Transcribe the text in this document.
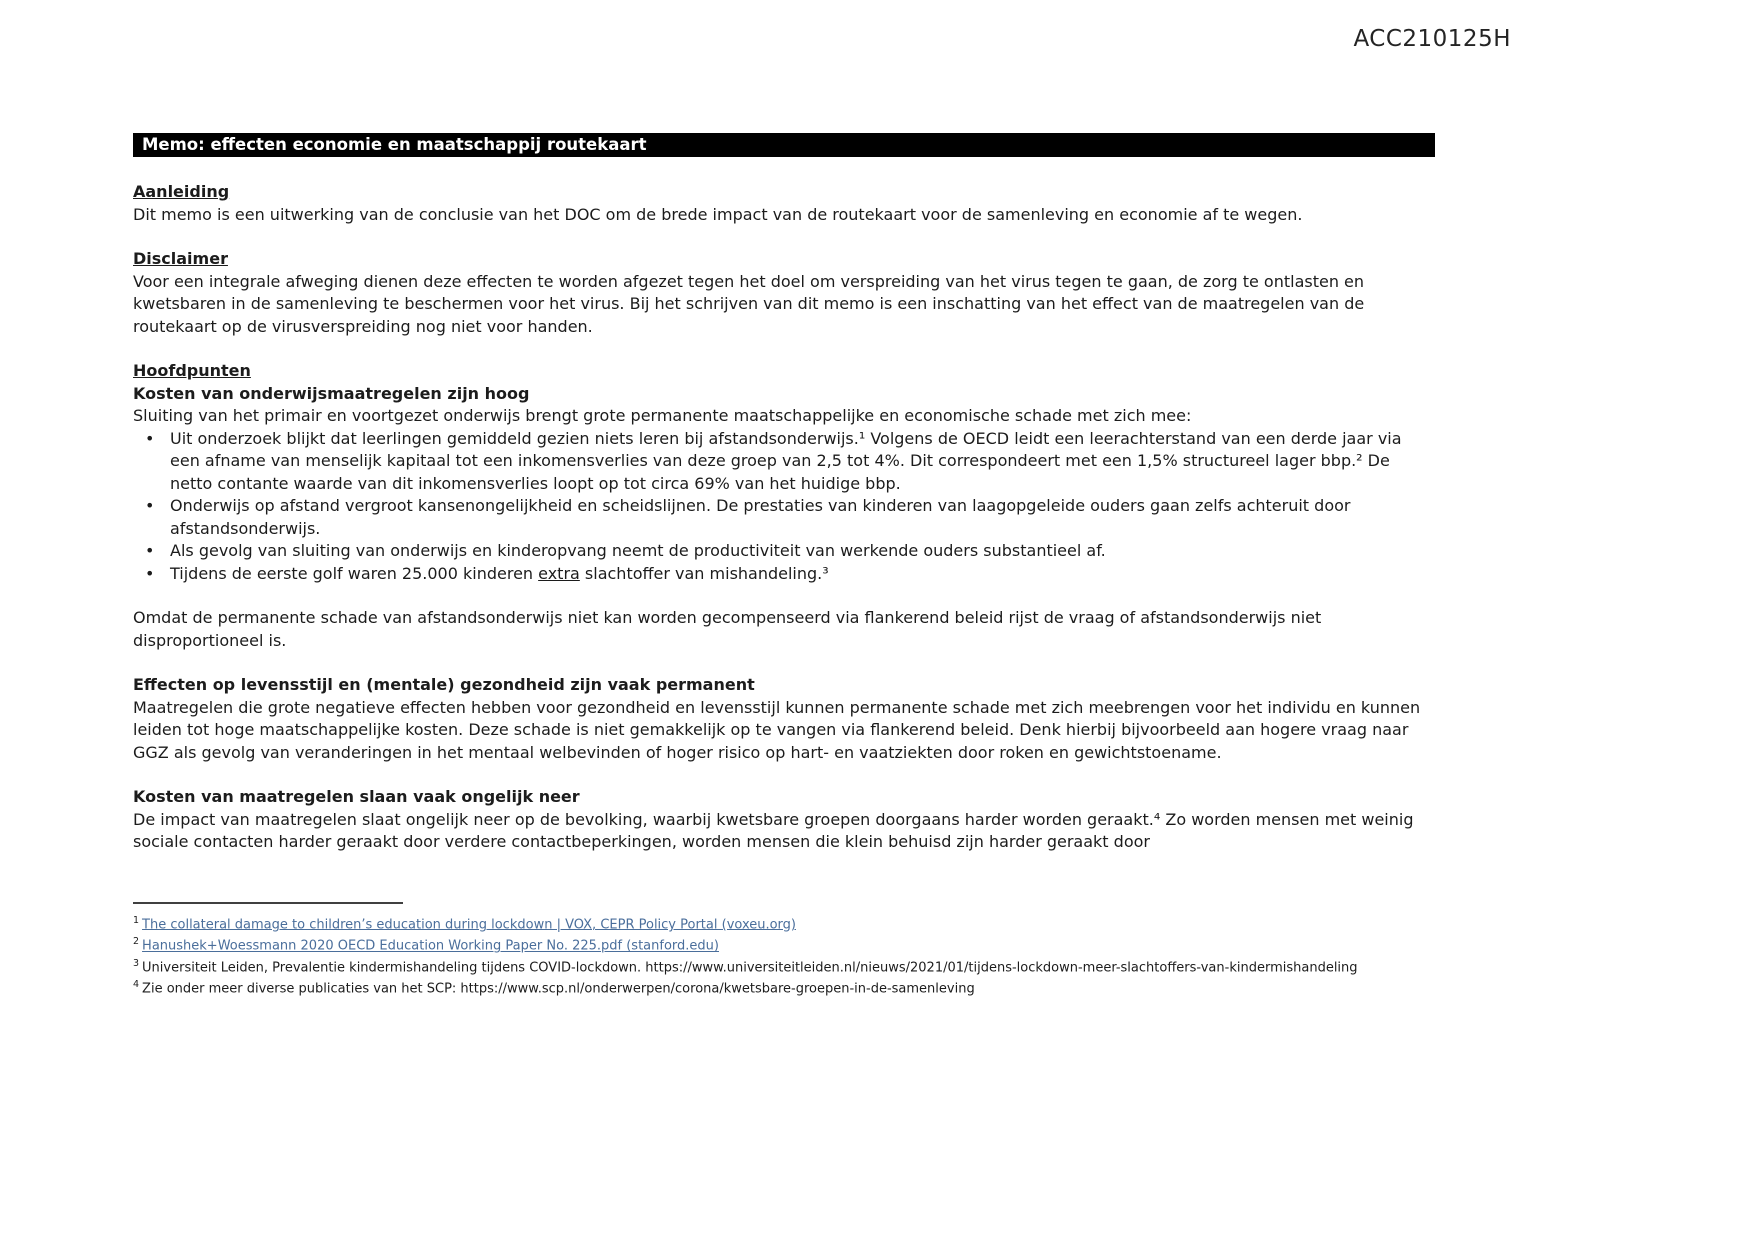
ACC210125H
Memo: effecten economie en maatschappij routekaart
Aanleiding

Dit memo is een uitwerking van de conclusie van het DOC om de brede impact van de routekaart voor de samenleving en economie af te wegen.

Disclaimer

Voor een integrale afweging dienen deze effecten te worden afgezet tegen het doel om verspreiding van het virus tegen te gaan, de zorg te ontlasten en kwetsbaren in de samenleving te beschermen voor het virus. Bij het schrijven van dit memo is een inschatting van het effect van de maatregelen van de routekaart op de virusverspreiding nog niet voor handen.

Hoofdpunten
Kosten van onderwijsmaatregelen zijn hoog

Sluiting van het primair en voortgezet onderwijs brengt grote permanente maatschappelijke en economische schade met zich mee:

• Uit onderzoek blijkt dat leerlingen gemiddeld gezien niets leren bij afstandsonderwijs.¹ Volgens de OECD leidt een leerachterstand van een derde jaar via een afname van menselijk kapitaal tot een inkomensverlies van deze groep van 2,5 tot 4%. Dit correspondeert met een 1,5% structureel lager bbp.² De netto contante waarde van dit inkomensverlies loopt op tot circa 69% van het huidige bbp.
• Onderwijs op afstand vergroot kansenongelijkheid en scheidslijnen. De prestaties van kinderen van laagopgeleide ouders gaan zelfs achteruit door afstandsonderwijs.
• Als gevolg van sluiting van onderwijs en kinderopvang neemt de productiviteit van werkende ouders substantieel af.
• Tijdens de eerste golf waren 25.000 kinderen extra slachtoffer van mishandeling.³

Omdat de permanente schade van afstandsonderwijs niet kan worden gecompenseerd via flankerend beleid rijst de vraag of afstandsonderwijs niet disproportioneel is.

Effecten op levensstijl en (mentale) gezondheid zijn vaak permanent

Maatregelen die grote negatieve effecten hebben voor gezondheid en levensstijl kunnen permanente schade met zich meebrengen voor het individu en kunnen leiden tot hoge maatschappelijke kosten. Deze schade is niet gemakkelijk op te vangen via flankerend beleid. Denk hierbij bijvoorbeeld aan hogere vraag naar GGZ als gevolg van veranderingen in het mentaal welbevinden of hoger risico op hart- en vaatziekten door roken en gewichtstoename.

Kosten van maatregelen slaan vaak ongelijk neer

De impact van maatregelen slaat ongelijk neer op de bevolking, waarbij kwetsbare groepen doorgaans harder worden geraakt.⁴ Zo worden mensen met weinig sociale contacten harder geraakt door verdere contactbeperkingen, worden mensen die klein behuisd zijn harder geraakt door

$^1$ The collateral damage to children’s education during lockdown | VOX, CEPR Policy Portal (voxeu.org)
$^2$ Hanushek+Woessmann 2020 OECD Education Working Paper No. 225.pdf (stanford.edu)
$^3$ Universiteit Leiden, Prevalentie kindermishandeling tijdens COVID-lockdown. https://www.universiteitleiden.nl/nieuws/2021/01/tijdens-lockdown-meer-slachtoffers-van-kindermishandeling
$^4$ Zie onder meer diverse publicaties van het SCP: https://www.scp.nl/onderwerpen/corona/kwetsbare-groepen-in-de-samenleving
